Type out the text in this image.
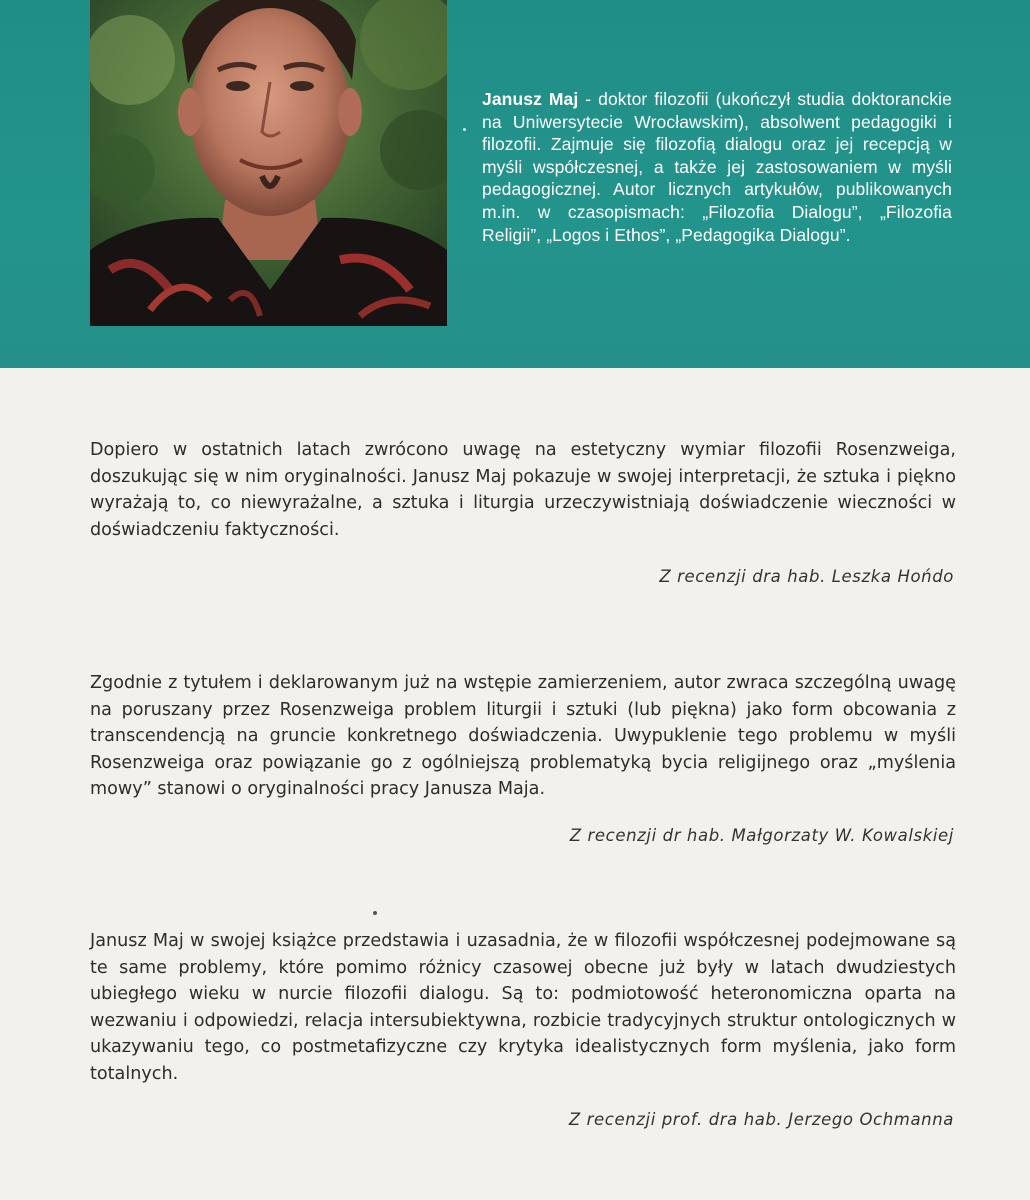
Janusz Maj - doktor filozofii (ukończył studia doktoranckie na Uniwersytecie Wrocławskim), absolwent pedagogiki i filozofii. Zajmuje się filozofią dialogu oraz jej recepcją w myśli współczesnej, a także jej zastosowaniem w myśli pedagogicznej. Autor licznych artykułów, publikowanych m.in. w czasopismach: „Filozofia Dialogu”, „Filozofia Religii”, „Logos i Ethos”, „Pedagogika Dialogu”.

Dopiero w ostatnich latach zwrócono uwagę na estetyczny wymiar filozofii Rosenzweiga, doszukując się w nim oryginalności. Janusz Maj pokazuje w swojej interpretacji, że sztuka i piękno wyrażają to, co niewyrażalne, a sztuka i liturgia urzeczywistniają doświadczenie wieczności w doświadczeniu faktyczności.

Z recenzji dra hab. Leszka Hońdo

Zgodnie z tytułem i deklarowanym już na wstępie zamierzeniem, autor zwraca szczególną uwagę na poruszany przez Rosenzweiga problem liturgii i sztuki (lub piękna) jako form obcowania z transcendencją na gruncie konkretnego doświadczenia. Uwypuklenie tego problemu w myśli Rosenzweiga oraz powiązanie go z ogólniejszą problematyką bycia religijnego oraz „myślenia mowy” stanowi o oryginalności pracy Janusza Maja.

Z recenzji dr hab. Małgorzaty W. Kowalskiej

Janusz Maj w swojej książce przedstawia i uzasadnia, że w filozofii współczesnej podejmowane są te same problemy, które pomimo różnicy czasowej obecne już były w latach dwudziestych ubiegłego wieku w nurcie filozofii dialogu. Są to: podmiotowość heteronomiczna oparta na wezwaniu i odpowiedzi, relacja intersubiektywna, rozbicie tradycyjnych struktur ontologicznych w ukazywaniu tego, co postmetafizyczne czy krytyka idealistycznych form myślenia, jako form totalnych.

Z recenzji prof. dra hab. Jerzego Ochmanna
